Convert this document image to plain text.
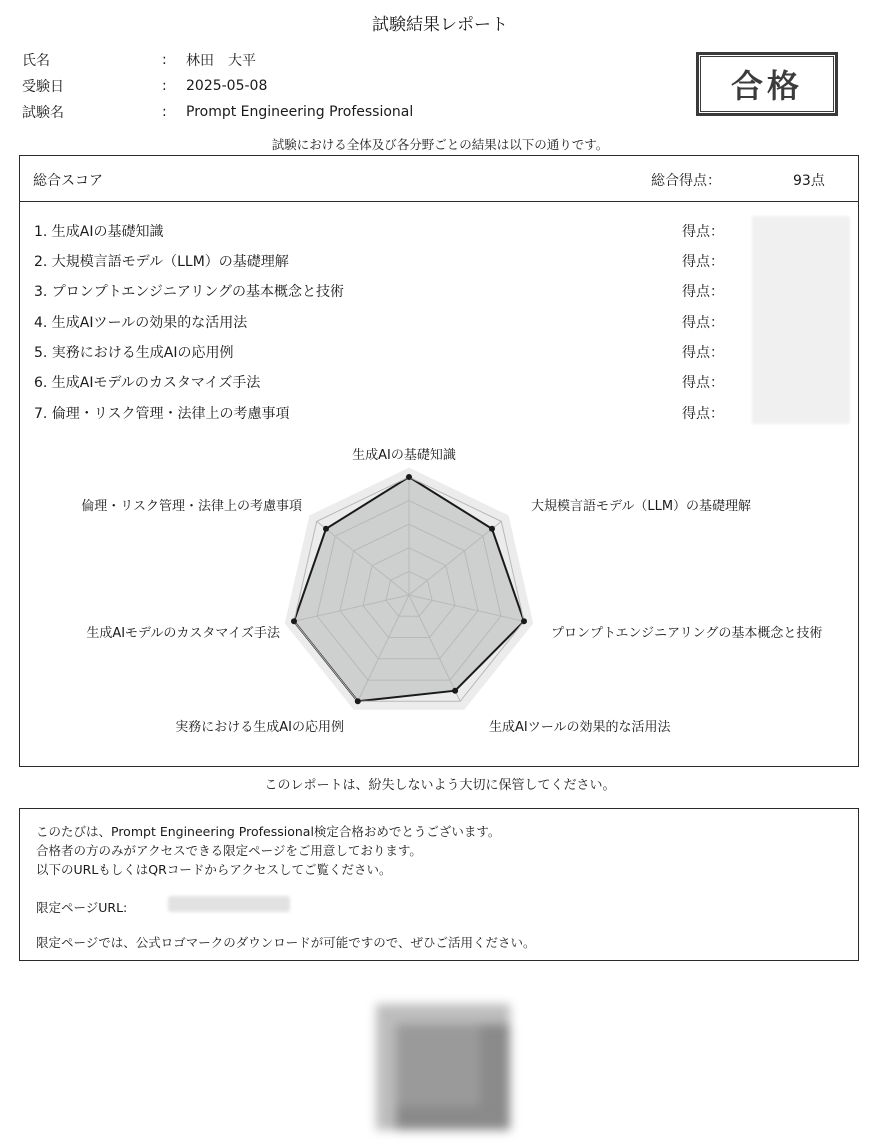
試験結果レポート
氏名	:	林田　大平
受験日	:	2025-05-08
試験名	:	Prompt Engineering Professional
合格
試験における全体及び各分野ごとの結果は以下の通りです。
総合スコア	総合得点：	93点
1. 生成AIの基礎知識	得点：
2. 大規模言語モデル（LLM）の基礎理解	得点：
3. プロンプトエンジニアリングの基本概念と技術	得点：
4. 生成AIツールの効果的な活用法	得点：
5. 実務における生成AIの応用例	得点：
6. 生成AIモデルのカスタマイズ手法	得点：
7. 倫理・リスク管理・法律上の考慮事項	得点：
生成AIの基礎知識
大規模言語モデル（LLM）の基礎理解
プロンプトエンジニアリングの基本概念と技術
生成AIツールの効果的な活用法
実務における生成AIの応用例
生成AIモデルのカスタマイズ手法
倫理・リスク管理・法律上の考慮事項
このレポートは、紛失しないよう大切に保管してください。
このたびは、Prompt Engineering Professional検定合格おめでとうございます。
合格者の方のみがアクセスできる限定ページをご用意しております。
以下のURLもしくはQRコードからアクセスしてご覧ください。
限定ページURL:
限定ページでは、公式ロゴマークのダウンロードが可能ですので、ぜひご活用ください。
